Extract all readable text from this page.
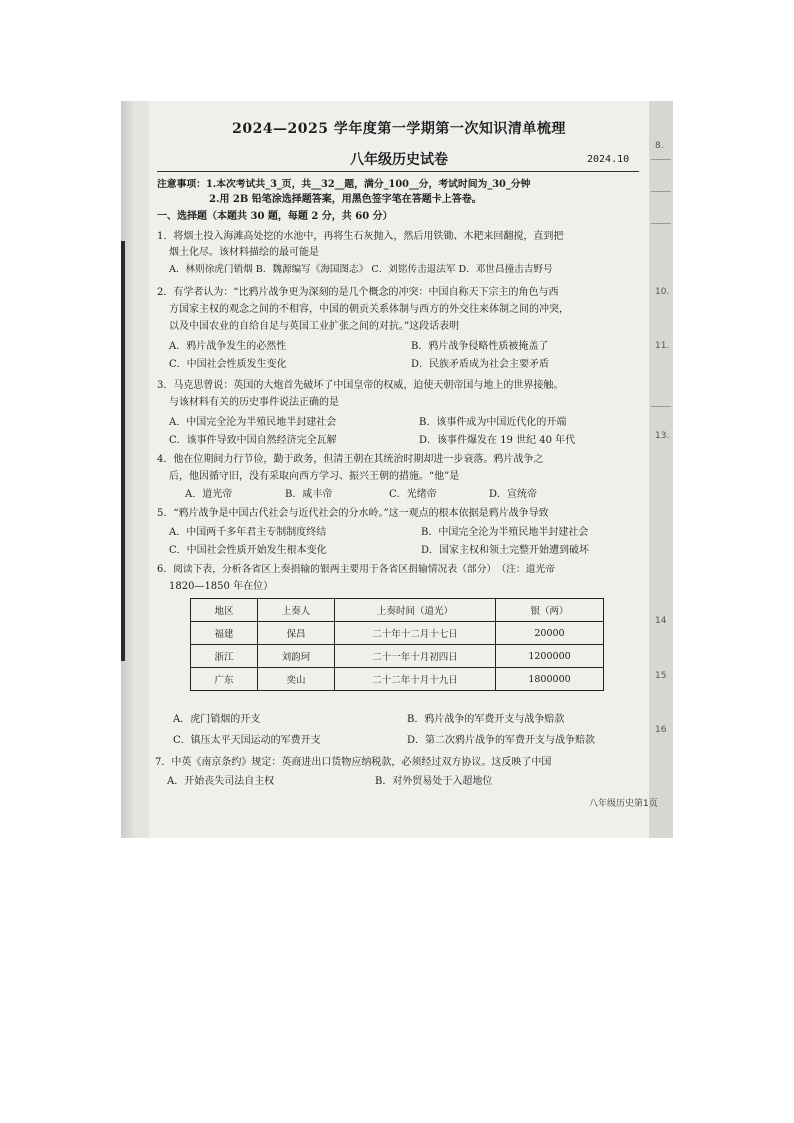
2024—2025 学年度第一学期第一次知识清单梳理
八年级历史试卷	2024.10
注意事项：1.本次考试共_3_页，共__32__题，满分_100__分，考试时间为_30_分钟
2.用 2B 铅笔涂选择题答案，用黑色签字笔在答题卡上答卷。
一、选择题（本题共 30 题，每题 2 分，共 60 分）
1．将烟土投入海滩高处挖的水池中，再将生石灰抛入，然后用铁锄、木耙来回翻搅，直到把
烟土化尽。该材料描绘的最可能是
A．林则徐虎门销烟 B．魏源编写《海国图志》 C．刘铭传击退法军 D．邓世昌撞击吉野号
2．有学者认为：“比鸦片战争更为深刻的是几个概念的冲突：中国自称天下宗主的角色与西
方国家主权的观念之间的不相容，中国的朝贡关系体制与西方的外交往来体制之间的冲突，
以及中国农业的自给自足与英国工业扩张之间的对抗。”这段话表明
A．鸦片战争发生的必然性	B．鸦片战争侵略性质被掩盖了
C．中国社会性质发生变化	D．民族矛盾成为社会主要矛盾
3．马克思曾说：英国的大炮首先破坏了中国皇帝的权威，迫使天朝帝国与地上的世界接触。
与该材料有关的历史事件说法正确的是
A．中国完全沦为半殖民地半封建社会	B．该事件成为中国近代化的开端
C．该事件导致中国自然经济完全瓦解	D．该事件爆发在 19 世纪 40 年代
4．他在位期间力行节俭，勤于政务，但清王朝在其统治时期却进一步衰落。鸦片战争之
后，他因循守旧，没有采取向西方学习、振兴王朝的措施。“他”是
A．道光帝	B．咸丰帝	C．光绪帝	D．宣统帝
5．“鸦片战争是中国古代社会与近代社会的分水岭。”这一观点的根本依据是鸦片战争导致
A．中国两千多年君主专制制度终结	B．中国完全沦为半殖民地半封建社会
C．中国社会性质开始发生根本变化	D．国家主权和领土完整开始遭到破坏
6．阅读下表，分析各省区上奏捐输的银两主要用于各省区捐输情况表（部分）　（注：道光帝
1820—1850 年在位）
8.
10.
11.
13.
14
15
16
地区	上奏人	上奏时间（道光）	银（两）
福建	保昌	二十年十二月十七日	20000
浙江	刘韵珂	二十一年十月初四日	1200000
广东	奕山	二十二年十月十九日	1800000
A．虎门销烟的开支	B．鸦片战争的军费开支与战争赔款
C．镇压太平天国运动的军费开支	D．第二次鸦片战争的军费开支与战争赔款
7．中英《南京条约》规定：英商进出口货物应纳税款，必须经过双方协议。这反映了中国
A．开始丧失司法自主权	B．对外贸易处于入超地位
八年级历史第1页
